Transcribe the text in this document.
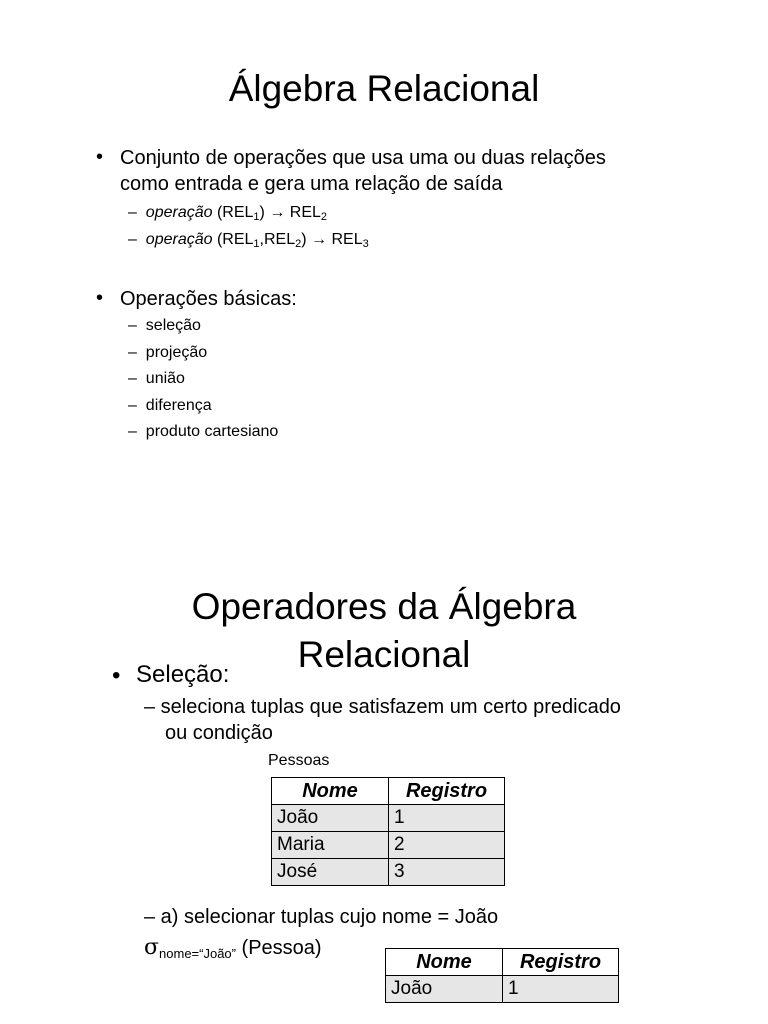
Álgebra Relacional
• Conjunto de operações que usa uma ou duas relações
como entrada e gera uma relação de saída
–  operação $(REL_1) \to REL_2$
–  operação $(REL_1,REL_2) \to REL_3$
• Operações básicas:
–  seleção
–  projeção
–  união
–  diferença
–  produto cartesiano
Operadores da Álgebra
Relacional
• Seleção:
– seleciona tuplas que satisfazem um certo predicado
ou condição
Pessoas
Nome	Registro
João	1
Maria	2
José	3
– a) selecionar tuplas cujo nome = João
$\sigma_{nome=“João”}$ (Pessoa)
Nome	Registro
João	1
